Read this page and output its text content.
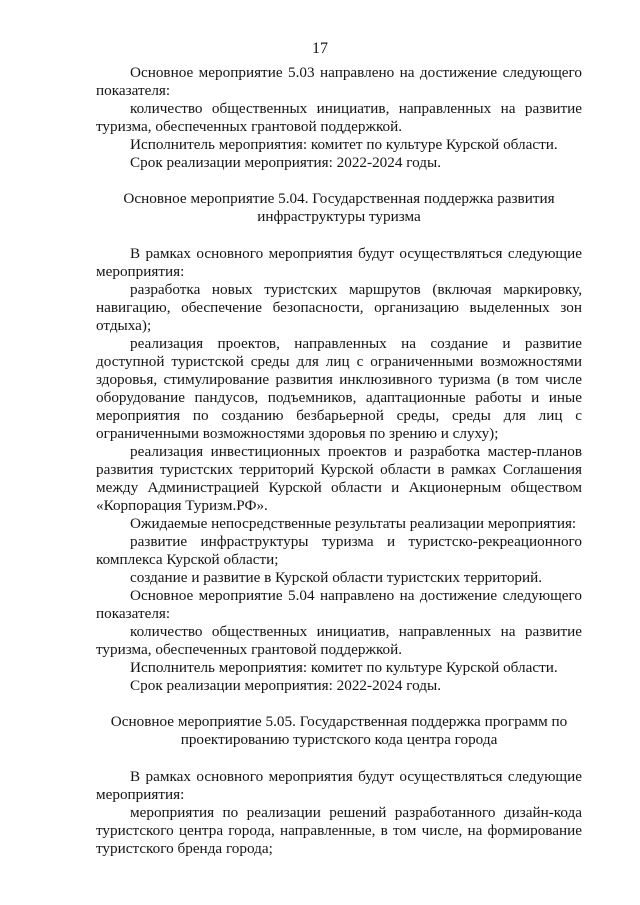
17
Основное мероприятие 5.03 направлено на достижение следующего показателя:
количество общественных инициатив, направленных на развитие туризма, обеспеченных грантовой поддержкой.
Исполнитель мероприятия: комитет по культуре Курской области.
Срок реализации мероприятия: 2022-2024 годы.
Основное мероприятие 5.04. Государственная поддержка развития инфраструктуры туризма
В рамках основного мероприятия будут осуществляться следующие мероприятия:
разработка новых туристских маршрутов (включая маркировку, навигацию, обеспечение безопасности, организацию выделенных зон отдыха);
реализация проектов, направленных на создание и развитие доступной туристской среды для лиц с ограниченными возможностями здоровья, стимулирование развития инклюзивного туризма (в том числе оборудование пандусов, подъемников, адаптационные работы и иные мероприятия по созданию безбарьерной среды, среды для лиц с ограниченными возможностями здоровья по зрению и слуху);
реализация инвестиционных проектов и разработка мастер-планов развития туристских территорий Курской области в рамках Соглашения между Администрацией Курской области и Акционерным обществом «Корпорация Туризм.РФ».
Ожидаемые непосредственные результаты реализации мероприятия:
развитие инфраструктуры туризма и туристско-рекреационного комплекса Курской области;
создание и развитие в Курской области туристских территорий.
Основное мероприятие 5.04 направлено на достижение следующего показателя:
количество общественных инициатив, направленных на развитие туризма, обеспеченных грантовой поддержкой.
Исполнитель мероприятия: комитет по культуре Курской области.
Срок реализации мероприятия: 2022-2024 годы.
Основное мероприятие 5.05. Государственная поддержка программ по проектированию туристского кода центра города
В рамках основного мероприятия будут осуществляться следующие мероприятия:
мероприятия по реализации решений разработанного дизайн-кода туристского центра города, направленные, в том числе, на формирование туристского бренда города;
